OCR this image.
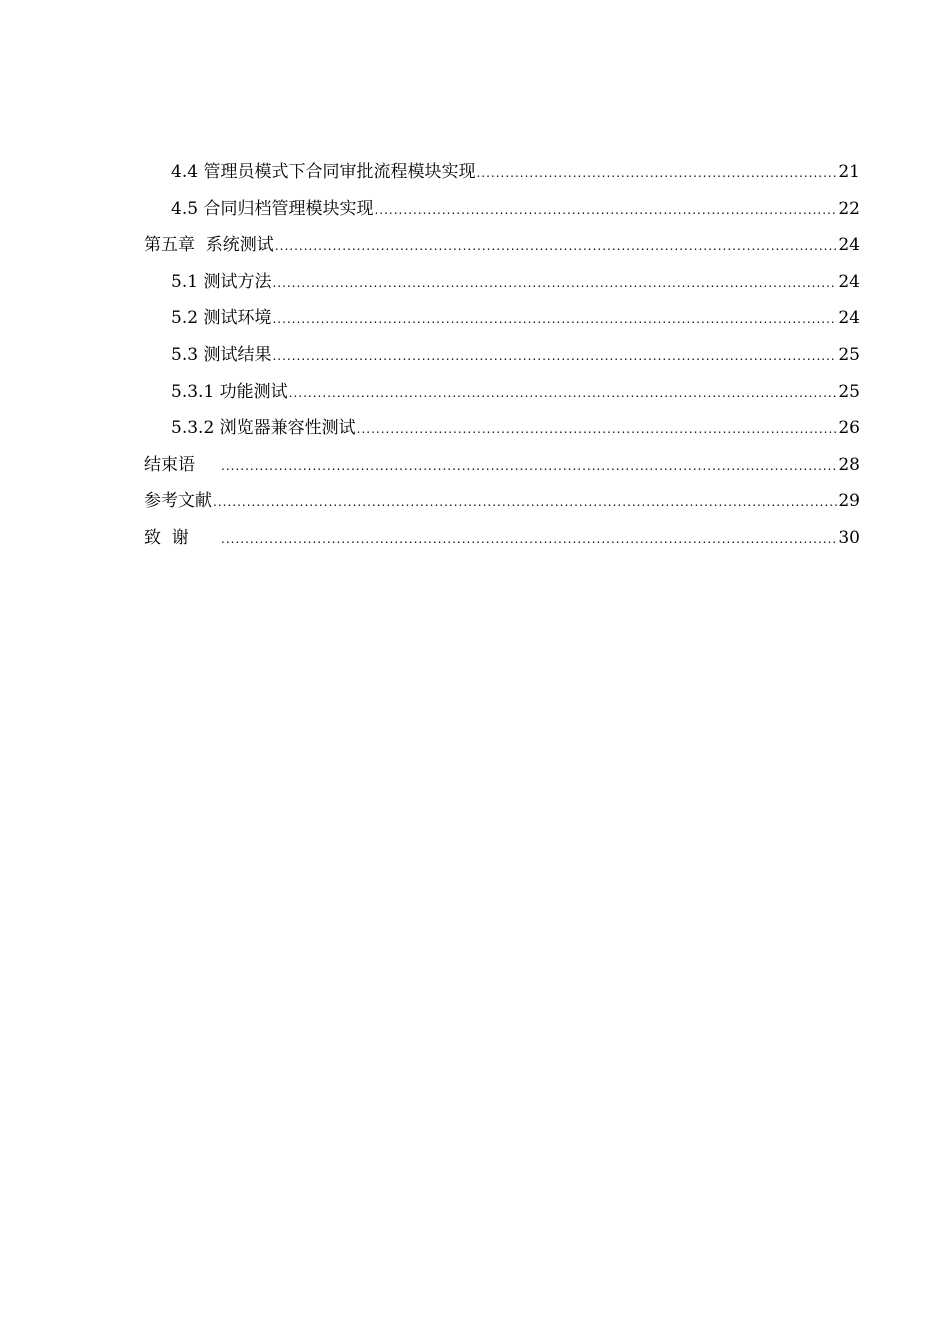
4.4 管理员模式下合同审批流程模块实现 .....	21
4.5 合同归档管理模块实现 .....	22
第五章  系统测试 .....	24
5.1 测试方法 .....	24
5.2 测试环境 .....	24
5.3 测试结果 .....	25
5.3.1 功能测试 .....	25
5.3.2 浏览器兼容性测试 .....	26
结束语 .....	28
参考文献 .....	29
致  谢 .....	30
